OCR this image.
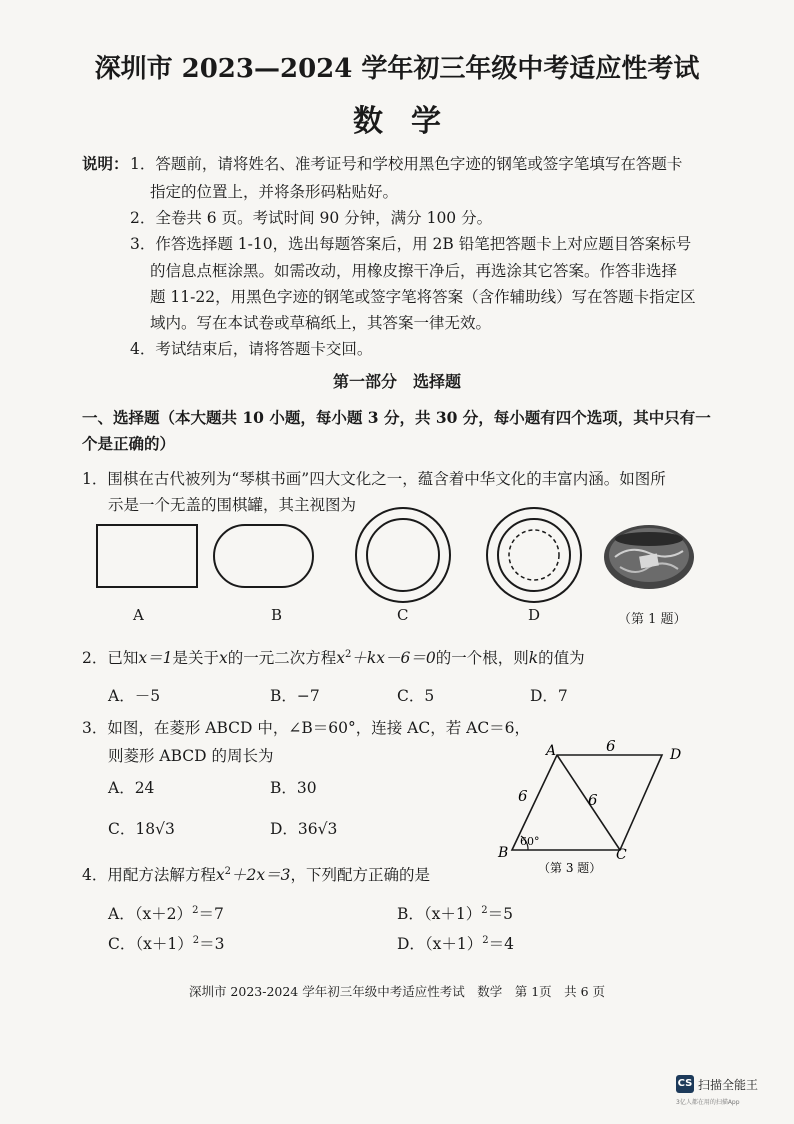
深圳市 2023—2024 学年初三年级中考适应性考试
数学
说明： 1．答题前，请将姓名、准考证号和学校用黑色字迹的钢笔或签字笔填写在答题卡
指定的位置上，并将条形码粘贴好。
2．全卷共 6 页。考试时间 90 分钟，满分 100 分。
3．作答选择题 1-10，选出每题答案后，用 2B 铅笔把答题卡上对应题目答案标号
的信息点框涂黑。如需改动，用橡皮擦干净后，再选涂其它答案。作答非选择
题 11-22，用黑色字迹的钢笔或签字笔将答案（含作辅助线）写在答题卡指定区
域内。写在本试卷或草稿纸上，其答案一律无效。
4．考试结束后，请将答题卡交回。
第一部分　选择题
一、选择题（本大题共 10 小题，每小题 3 分，共 30 分，每小题有四个选项，其中只有一
个是正确的）
1．围棋在古代被列为“琴棋书画”四大文化之一，蕴含着中华文化的丰富内涵。如图所
示是一个无盖的围棋罐，其主视图为
A	B	C	D	（第 1 题）
2．已知x＝1是关于x的一元二次方程$x^2+kx-6=0$的一个根，则k的值为
A．－5	B．−7	C．5	D．7
3．如图，在菱形 ABCD 中，∠B＝60°，连接 AC，若 AC＝6，
则菱形 ABCD 的周长为
A．24	B．30
C．18√3	D．36√3
A
B	C
D
60°
6
6	6
（第 3 题）
4．用配方法解方程$x^2+2x=3$，下列配方正确的是
A．$(x+2)^2=7$	B．$(x+1)^2=5$
C．$(x+1)^2=3$	D．$(x+1)^2=4$
深圳市 2023-2024 学年初三年级中考适应性考试　数学　第 1页　共 6 页
CS 扫描全能王
3亿人都在用的扫描App
